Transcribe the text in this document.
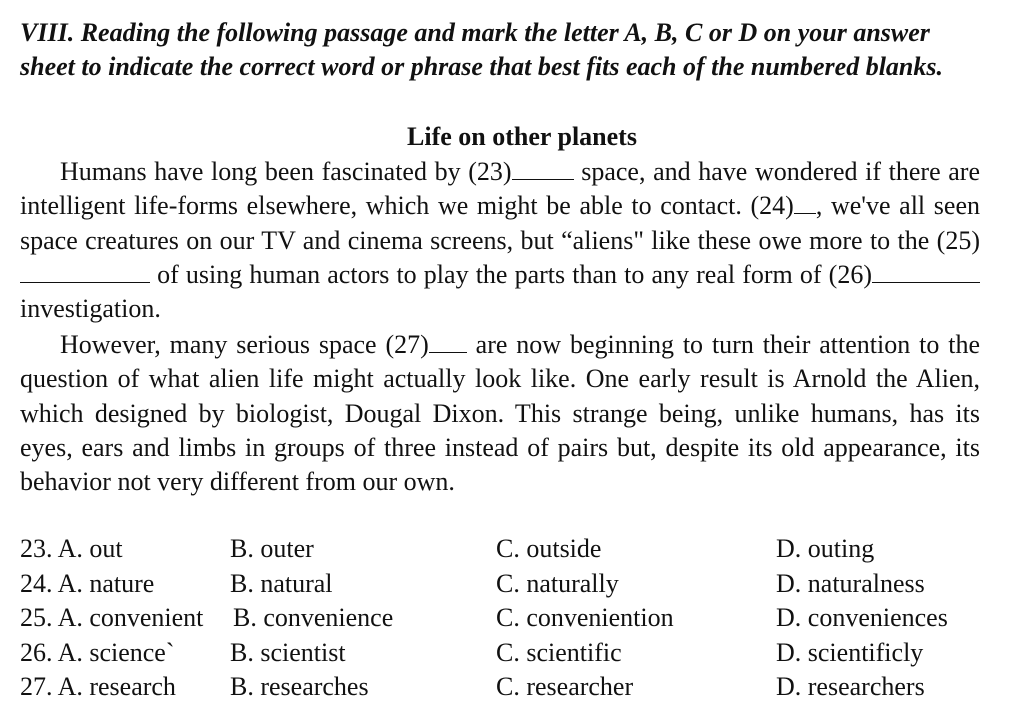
VIII. Reading the following passage and mark the letter A, B, C or D on your answer sheet to indicate the correct word or phrase that best fits each of the numbered blanks.

Life on other planets

Humans have long been fascinated by (23) space, and have wondered if there are intelligent life-forms elsewhere, which we might be able to contact. (24) , we've all seen space creatures on our TV and cinema screens, but “aliens" like these owe more to the (25) of using human actors to play the parts than to any real form of (26) investigation.

However, many serious space (27) are now beginning to turn their attention to the question of what alien life might actually look like. One early result is Arnold the Alien, which designed by biologist, Dougal Dixon. This strange being, unlike humans, has its eyes, ears and limbs in groups of three instead of pairs but, despite its old appearance, its behavior not very different from our own.

23. A. out	B. outer	C. outside	D. outing
24. A. nature	B. natural	C. naturally	D. naturalness
25. A. convenient B. convenience	C. conveniention	D. conveniences
26. A. science` B. scientist	C. scientific	D. scientificly
27. A. research B. researches	C. researcher	D. researchers
